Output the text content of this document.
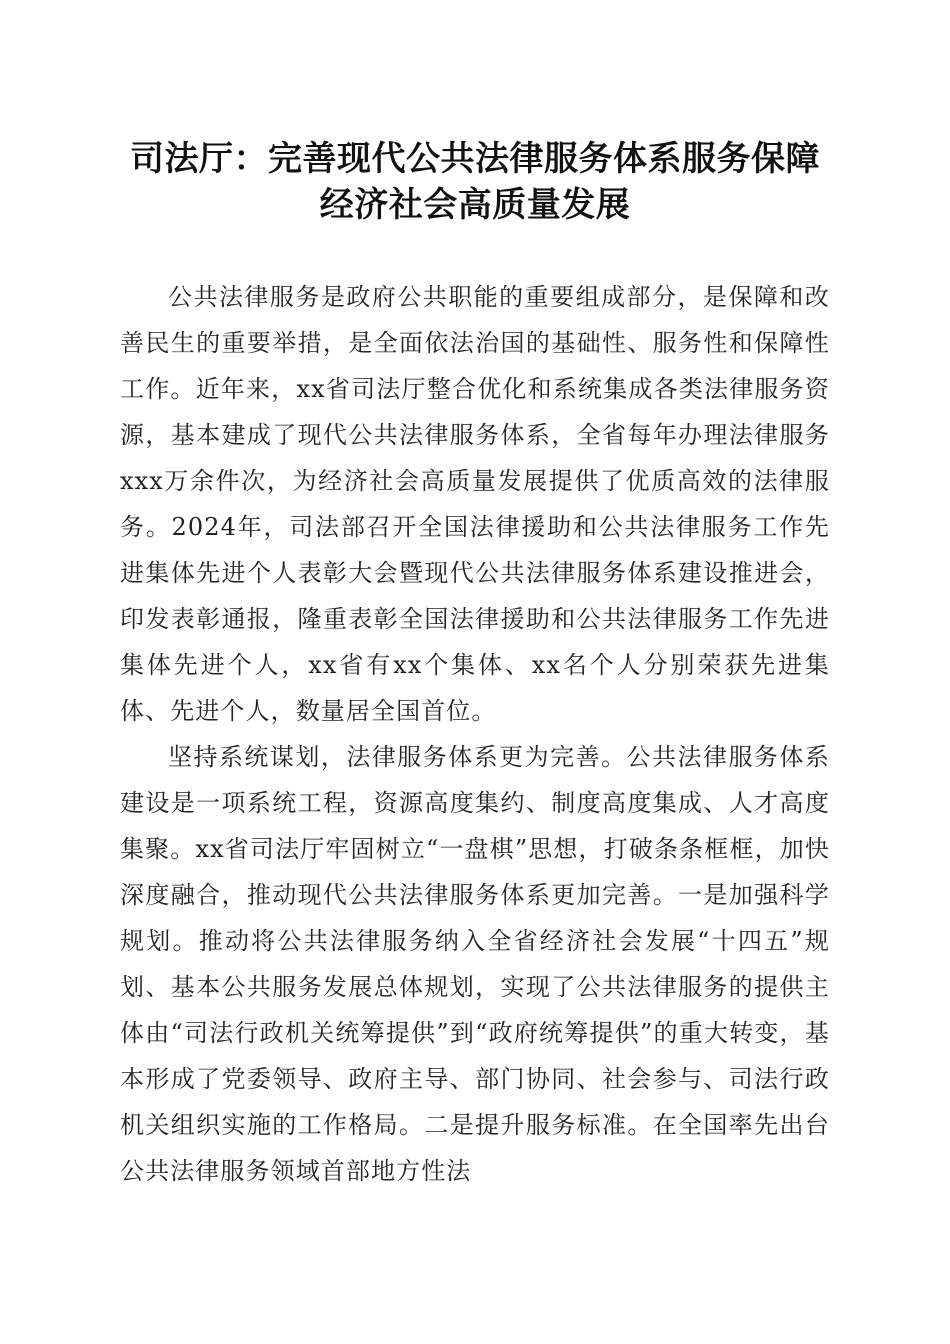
司法厅：完善现代公共法律服务体系服务保障
经济社会高质量发展

公共法律服务是政府公共职能的重要组成部分，是保障和改善民生的重要举措，是全面依法治国的基础性、服务性和保障性工作。近年来，xx省司法厅整合优化和系统集成各类法律服务资源，基本建成了现代公共法律服务体系，全省每年办理法律服务xxx万余件次，为经济社会高质量发展提供了优质高效的法律服务。2024年，司法部召开全国法律援助和公共法律服务工作先进集体先进个人表彰大会暨现代公共法律服务体系建设推进会，印发表彰通报，隆重表彰全国法律援助和公共法律服务工作先进集体先进个人，xx省有xx个集体、xx名个人分别荣获先进集体、先进个人，数量居全国首位。

坚持系统谋划，法律服务体系更为完善。公共法律服务体系建设是一项系统工程，资源高度集约、制度高度集成、人才高度集聚。xx省司法厅牢固树立“一盘棋”思想，打破条条框框，加快深度融合，推动现代公共法律服务体系更加完善。一是加强科学规划。推动将公共法律服务纳入全省经济社会发展“十四五”规划、基本公共服务发展总体规划，实现了公共法律服务的提供主体由“司法行政机关统筹提供”到“政府统筹提供”的重大转变，基本形成了党委领导、政府主导、部门协同、社会参与、司法行政机关组织实施的工作格局。二是提升服务标准。在全国率先出台公共法律服务领域首部地方性法
